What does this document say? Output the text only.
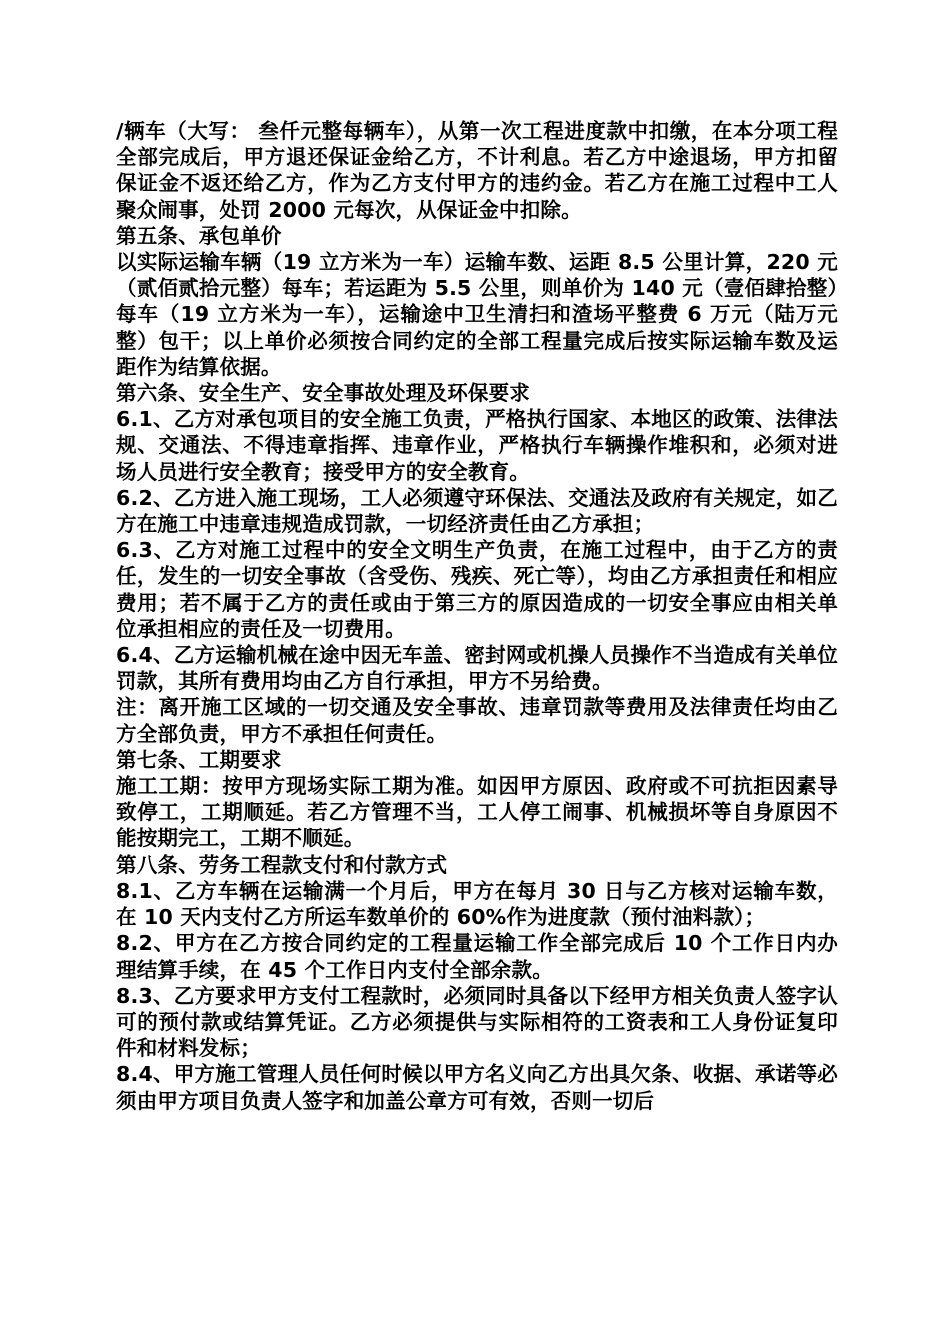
/辆车（大写： 叁仟元整每辆车），从第一次工程进度款中扣缴，在本分项工程全部完成后，甲方退还保证金给乙方，不计利息。若乙方中途退场，甲方扣留保证金不返还给乙方，作为乙方支付甲方的违约金。若乙方在施工过程中工人聚众闹事，处罚 2000 元每次，从保证金中扣除。

第五条、承包单价

以实际运输车辆（19 立方米为一车）运输车数、运距 8.5 公里计算，220 元（贰佰贰拾元整）每车；若运距为 5.5 公里，则单价为 140 元（壹佰肆拾整）每车（19 立方米为一车），运输途中卫生清扫和渣场平整费 6 万元（陆万元整）包干；以上单价必须按合同约定的全部工程量完成后按实际运输车数及运距作为结算依据。

第六条、安全生产、安全事故处理及环保要求

6.1、乙方对承包项目的安全施工负责，严格执行国家、本地区的政策、法律法规、交通法、不得违章指挥、违章作业，严格执行车辆操作堆积和，必须对进场人员进行安全教育；接受甲方的安全教育。

6.2、乙方进入施工现场，工人必须遵守环保法、交通法及政府有关规定，如乙方在施工中违章违规造成罚款，一切经济责任由乙方承担；

6.3、乙方对施工过程中的安全文明生产负责，在施工过程中，由于乙方的责任，发生的一切安全事故（含受伤、残疾、死亡等），均由乙方承担责任和相应费用；若不属于乙方的责任或由于第三方的原因造成的一切安全事应由相关单位承担相应的责任及一切费用。

6.4、乙方运输机械在途中因无车盖、密封网或机操人员操作不当造成有关单位罚款，其所有费用均由乙方自行承担，甲方不另给费。

注：离开施工区域的一切交通及安全事故、违章罚款等费用及法律责任均由乙方全部负责，甲方不承担任何责任。

第七条、工期要求

施工工期：按甲方现场实际工期为准。如因甲方原因、政府或不可抗拒因素导致停工，工期顺延。若乙方管理不当，工人停工闹事、机械损坏等自身原因不能按期完工，工期不顺延。

第八条、劳务工程款支付和付款方式

8.1、乙方车辆在运输满一个月后，甲方在每月 30 日与乙方核对运输车数，在 10 天内支付乙方所运车数单价的 60%作为进度款（预付油料款）；

8.2、甲方在乙方按合同约定的工程量运输工作全部完成后 10 个工作日内办理结算手续，在 45 个工作日内支付全部余款。

8.3、乙方要求甲方支付工程款时，必须同时具备以下经甲方相关负责人签字认可的预付款或结算凭证。乙方必须提供与实际相符的工资表和工人身份证复印件和材料发标；

8.4、甲方施工管理人员任何时候以甲方名义向乙方出具欠条、收据、承诺等必须由甲方项目负责人签字和加盖公章方可有效，否则一切后
